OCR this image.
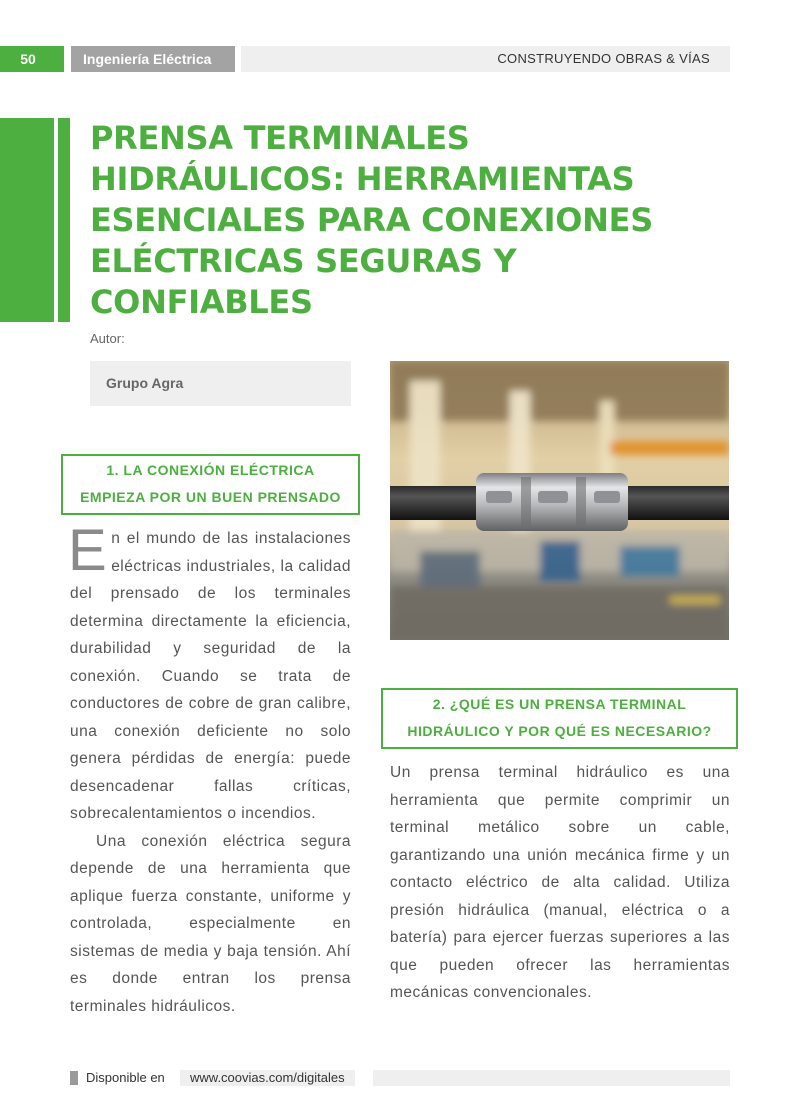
50	Ingeniería Eléctrica	CONSTRUYENDO OBRAS & VÍAS
PRENSA TERMINALES HIDRÁULICOS: HERRAMIENTAS ESENCIALES PARA CONEXIONES ELÉCTRICAS SEGURAS Y CONFIABLES
Autor:
Grupo Agra
1. LA CONEXIÓN ELÉCTRICA
EMPIEZA POR UN BUEN PRENSADO

En el mundo de las instalaciones eléctricas industriales, la calidad del prensado de los terminales determina directamente la eficiencia, durabilidad y seguridad de la conexión. Cuando se trata de conductores de cobre de gran calibre, una conexión deficiente no solo genera pérdidas de energía: puede desencadenar fallas críticas, sobrecalentamientos o incendios.

Una conexión eléctrica segura depende de una herramienta que aplique fuerza constante, uniforme y controlada, especialmente en sistemas de media y baja tensión. Ahí es donde entran los prensa terminales hidráulicos.

2. ¿QUÉ ES UN PRENSA TERMINAL
HIDRÁULICO Y POR QUÉ ES NECESARIO?

Un prensa terminal hidráulico es una herramienta que permite comprimir un terminal metálico sobre un cable, garantizando una unión mecánica firme y un contacto eléctrico de alta calidad. Utiliza presión hidráulica (manual, eléctrica o a batería) para ejercer fuerzas superiores a las que pueden ofrecer las herramientas mecánicas convencionales.

Disponible en	www.coovias.com/digitales
